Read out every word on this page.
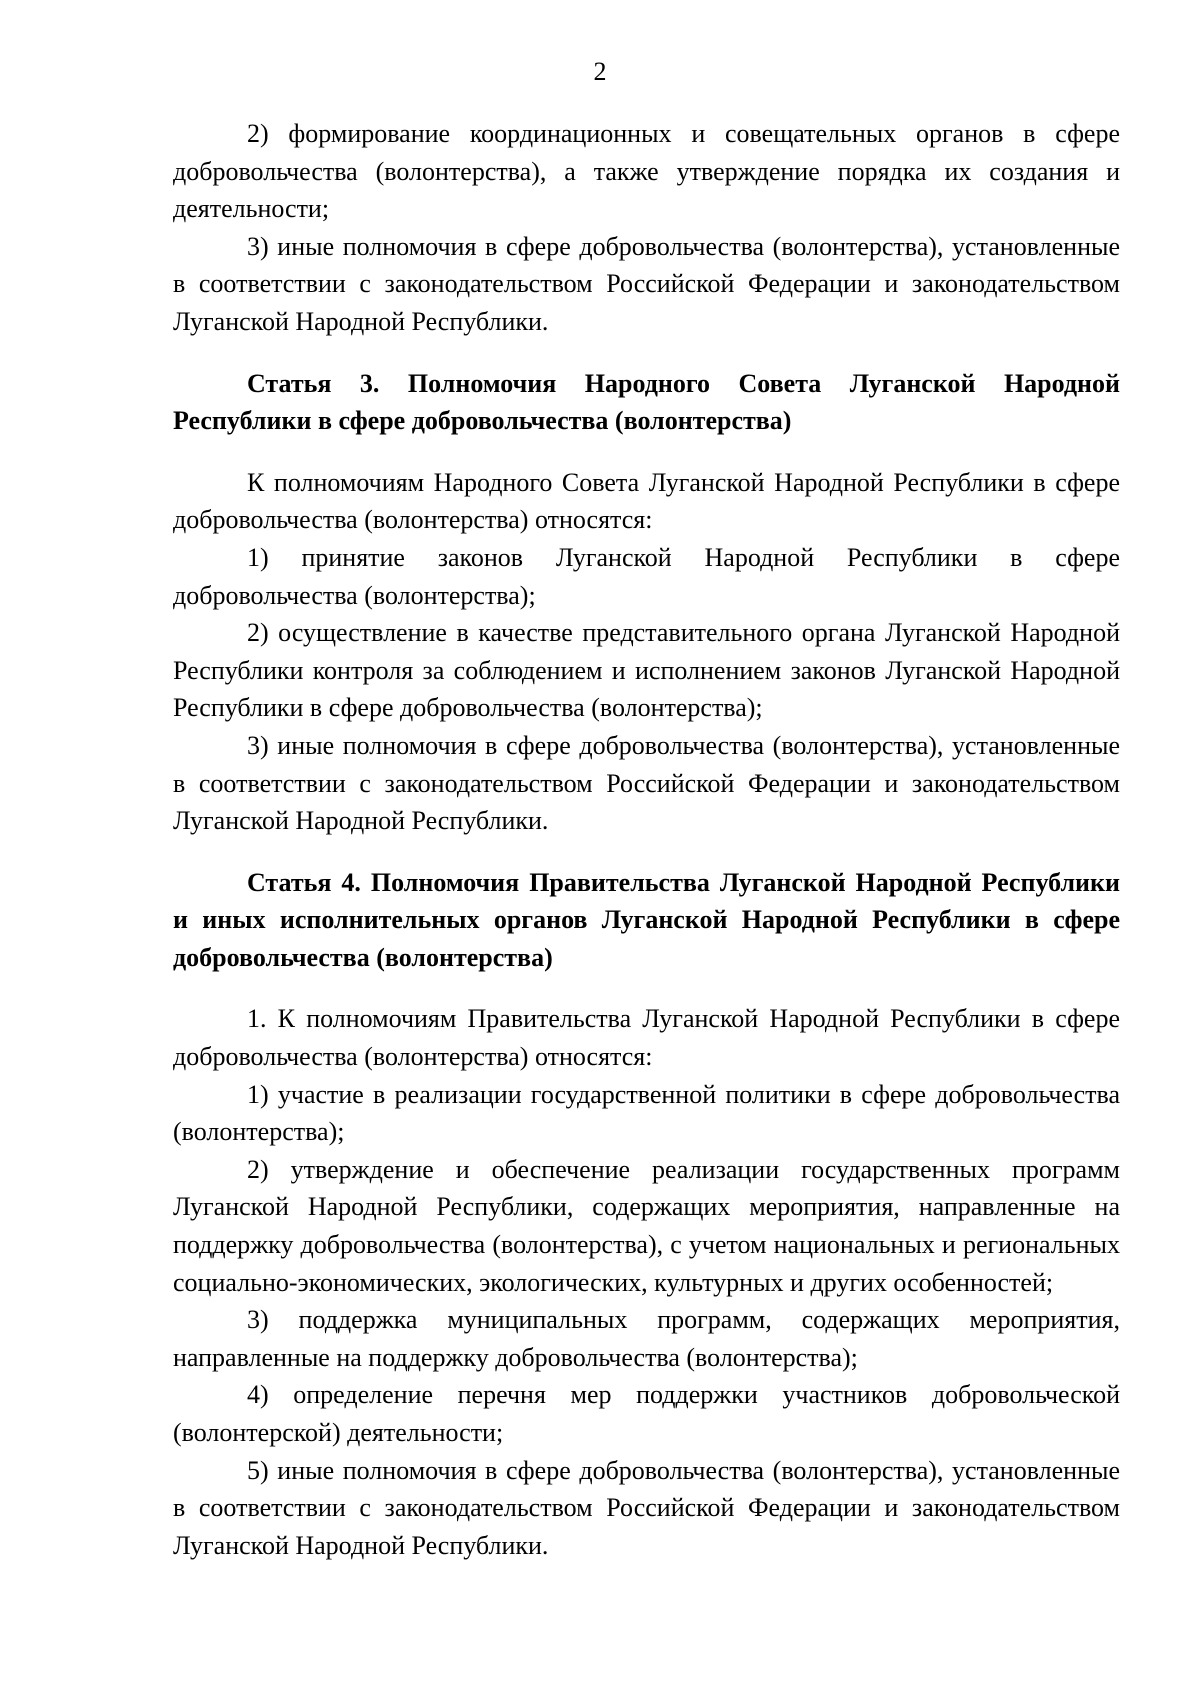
2

2) формирование координационных и совещательных органов в сфере добровольчества (волонтерства), а также утверждение порядка их создания и деятельности;

3) иные полномочия в сфере добровольчества (волонтерства), установленные в соответствии с законодательством Российской Федерации и законодательством Луганской Народной Республики.

Статья 3. Полномочия Народного Совета Луганской Народной Республики в сфере добровольчества (волонтерства)

К полномочиям Народного Совета Луганской Народной Республики в сфере добровольчества (волонтерства) относятся:

1) принятие законов Луганской Народной Республики в сфере добровольчества (волонтерства);

2) осуществление в качестве представительного органа Луганской Народной Республики контроля за соблюдением и исполнением законов Луганской Народной Республики в сфере добровольчества (волонтерства);

3) иные полномочия в сфере добровольчества (волонтерства), установленные в соответствии с законодательством Российской Федерации и законодательством Луганской Народной Республики.

Статья 4. Полномочия Правительства Луганской Народной Республики и иных исполнительных органов Луганской Народной Республики в сфере добровольчества (волонтерства)

1. К полномочиям Правительства Луганской Народной Республики в сфере добровольчества (волонтерства) относятся:

1) участие в реализации государственной политики в сфере добровольчества (волонтерства);

2) утверждение и обеспечение реализации государственных программ Луганской Народной Республики, содержащих мероприятия, направленные на поддержку добровольчества (волонтерства), с учетом национальных и региональных социально-экономических, экологических, культурных и других особенностей;

3) поддержка муниципальных программ, содержащих мероприятия, направленные на поддержку добровольчества (волонтерства);

4) определение перечня мер поддержки участников добровольческой (волонтерской) деятельности;

5) иные полномочия в сфере добровольчества (волонтерства), установленные в соответствии с законодательством Российской Федерации и законодательством Луганской Народной Республики.
